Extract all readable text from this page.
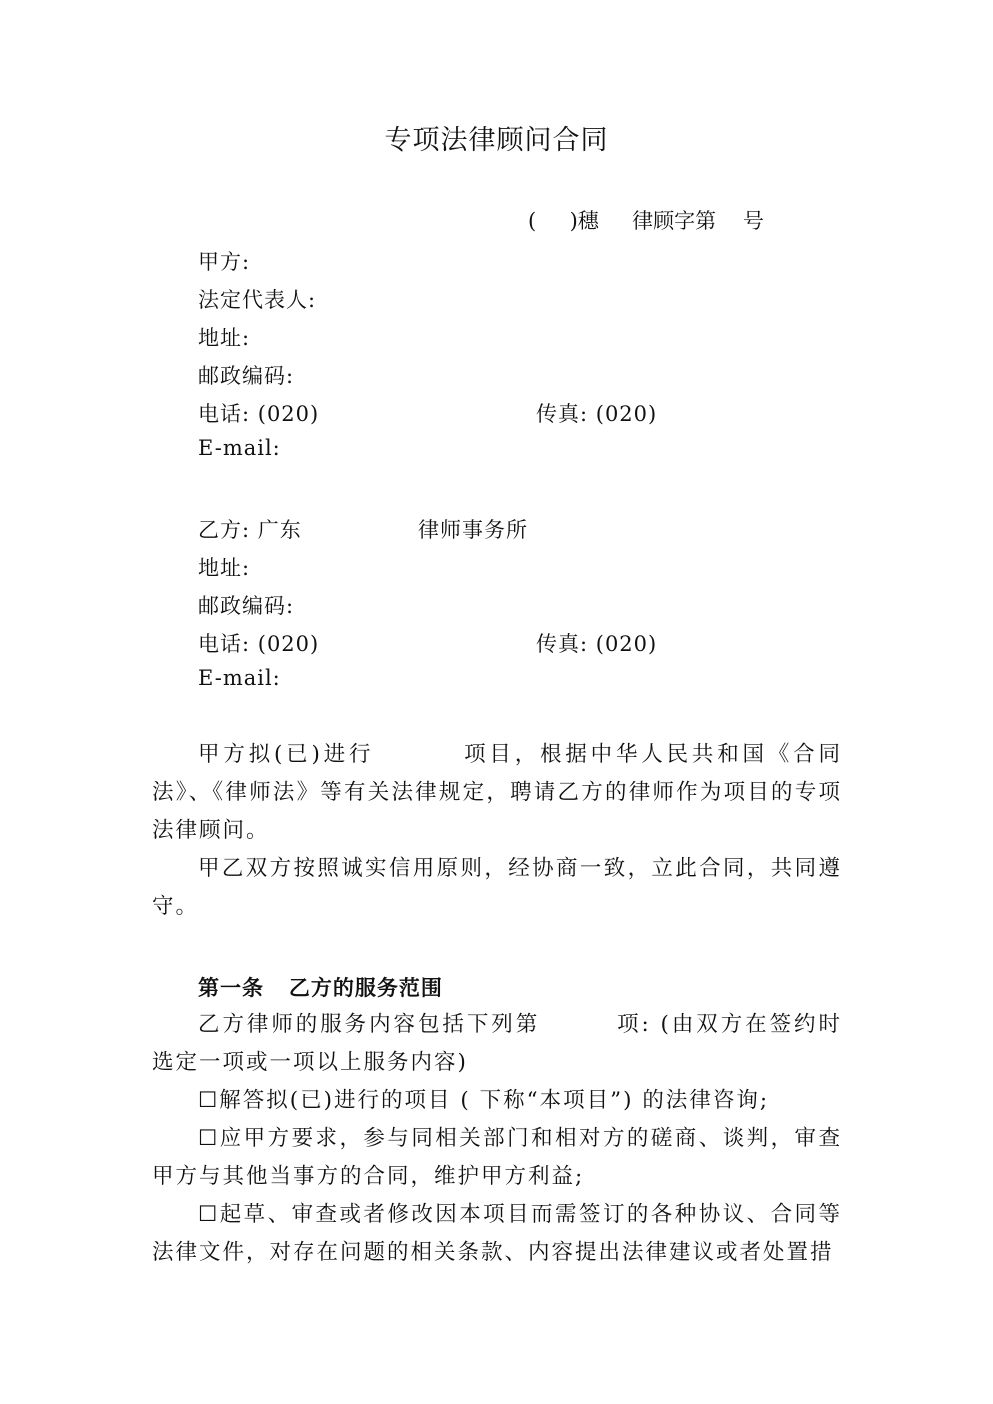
专项法律顾问合同
(     )穗     律顾字第    号
甲方:
法定代表人:
地址:
邮政编码:
电话: (020)	传真: (020)
E-mail:
乙方: 广东	律师事务所
地址:
邮政编码:
电话: (020)	传真: (020)
E-mail:

甲方拟(已)进行	项目，根据中华人民共和国《合同法》、《律师法》等有关法律规定，聘请乙方的律师作为项目的专项法律顾问。

甲乙双方按照诚实信用原则，经协商一致，立此合同，共同遵守。

第一条   乙方的服务范围

乙方律师的服务内容包括下列第	项: (由双方在签约时选定一项或一项以上服务内容)

☐解答拟(已)进行的项目 ( 下称“本项目”) 的法律咨询;

☐应甲方要求，参与同相关部门和相对方的磋商、谈判，审查甲方与其他当事方的合同，维护甲方利益;

☐起草、审查或者修改因本项目而需签订的各种协议、合同等法律文件，对存在问题的相关条款、内容提出法律建议或者处置措
